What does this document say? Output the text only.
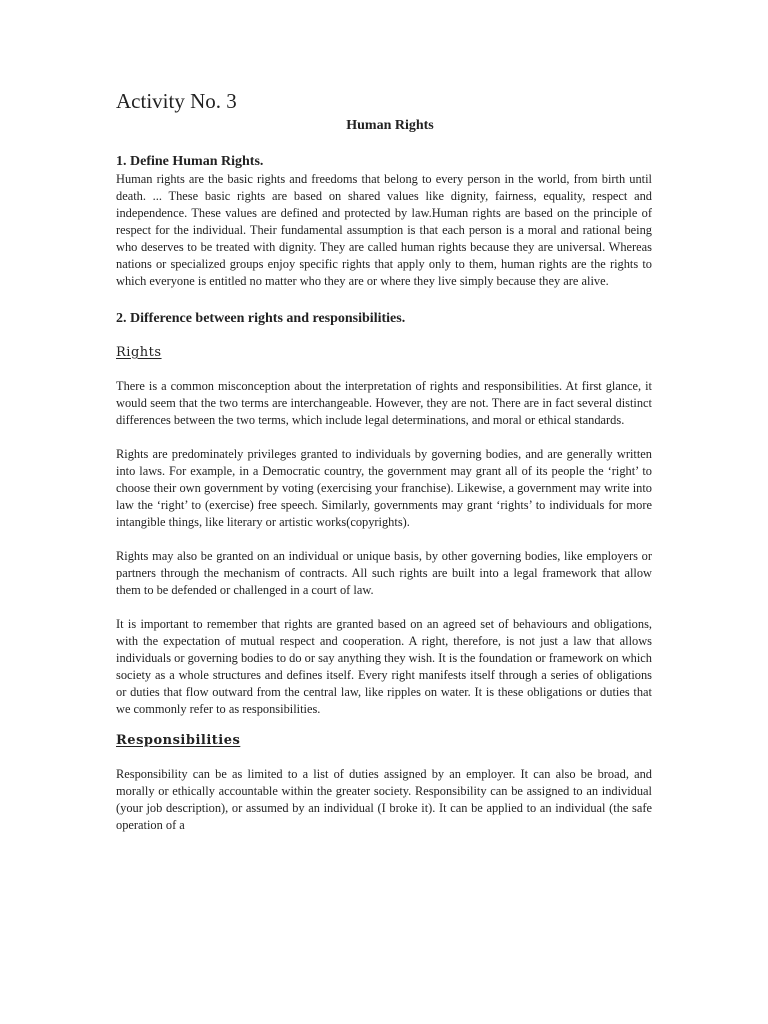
Activity No. 3
Human Rights
1. Define Human Rights.

Human rights are the basic rights and freedoms that belong to every person in the world, from birth until death. ... These basic rights are based on shared values like dignity, fairness, equality, respect and independence. These values are defined and protected by law.Human rights are based on the principle of respect for the individual. Their fundamental assumption is that each person is a moral and rational being who deserves to be treated with dignity. They are called human rights because they are universal. Whereas nations or specialized groups enjoy specific rights that apply only to them, human rights are the rights to which everyone is entitled no matter who they are or where they live simply because they are alive.

2. Difference between rights and responsibilities.
Rights

There is a common misconception about the interpretation of rights and responsibilities. At first glance, it would seem that the two terms are interchangeable. However, they are not. There are in fact several distinct differences between the two terms, which include legal determinations, and moral or ethical standards.

Rights are predominately privileges granted to individuals by governing bodies, and are generally written into laws. For example, in a Democratic country, the government may grant all of its people the ‘right’ to choose their own government by voting (exercising your franchise). Likewise, a government may write into law the ‘right’ to (exercise) free speech. Similarly, governments may grant ‘rights’ to individuals for more intangible things, like literary or artistic works(copyrights).

Rights may also be granted on an individual or unique basis, by other governing bodies, like employers or partners through the mechanism of contracts. All such rights are built into a legal framework that allow them to be defended or challenged in a court of law.

It is important to remember that rights are granted based on an agreed set of behaviours and obligations, with the expectation of mutual respect and cooperation. A right, therefore, is not just a law that allows individuals or governing bodies to do or say anything they wish. It is the foundation or framework on which society as a whole structures and defines itself. Every right manifests itself through a series of obligations or duties that flow outward from the central law, like ripples on water. It is these obligations or duties that we commonly refer to as responsibilities.

Responsibilities

Responsibility can be as limited to a list of duties assigned by an employer. It can also be broad, and morally or ethically accountable within the greater society. Responsibility can be assigned to an individual (your job description), or assumed by an individual (I broke it). It can be applied to an individual (the safe operation of a
